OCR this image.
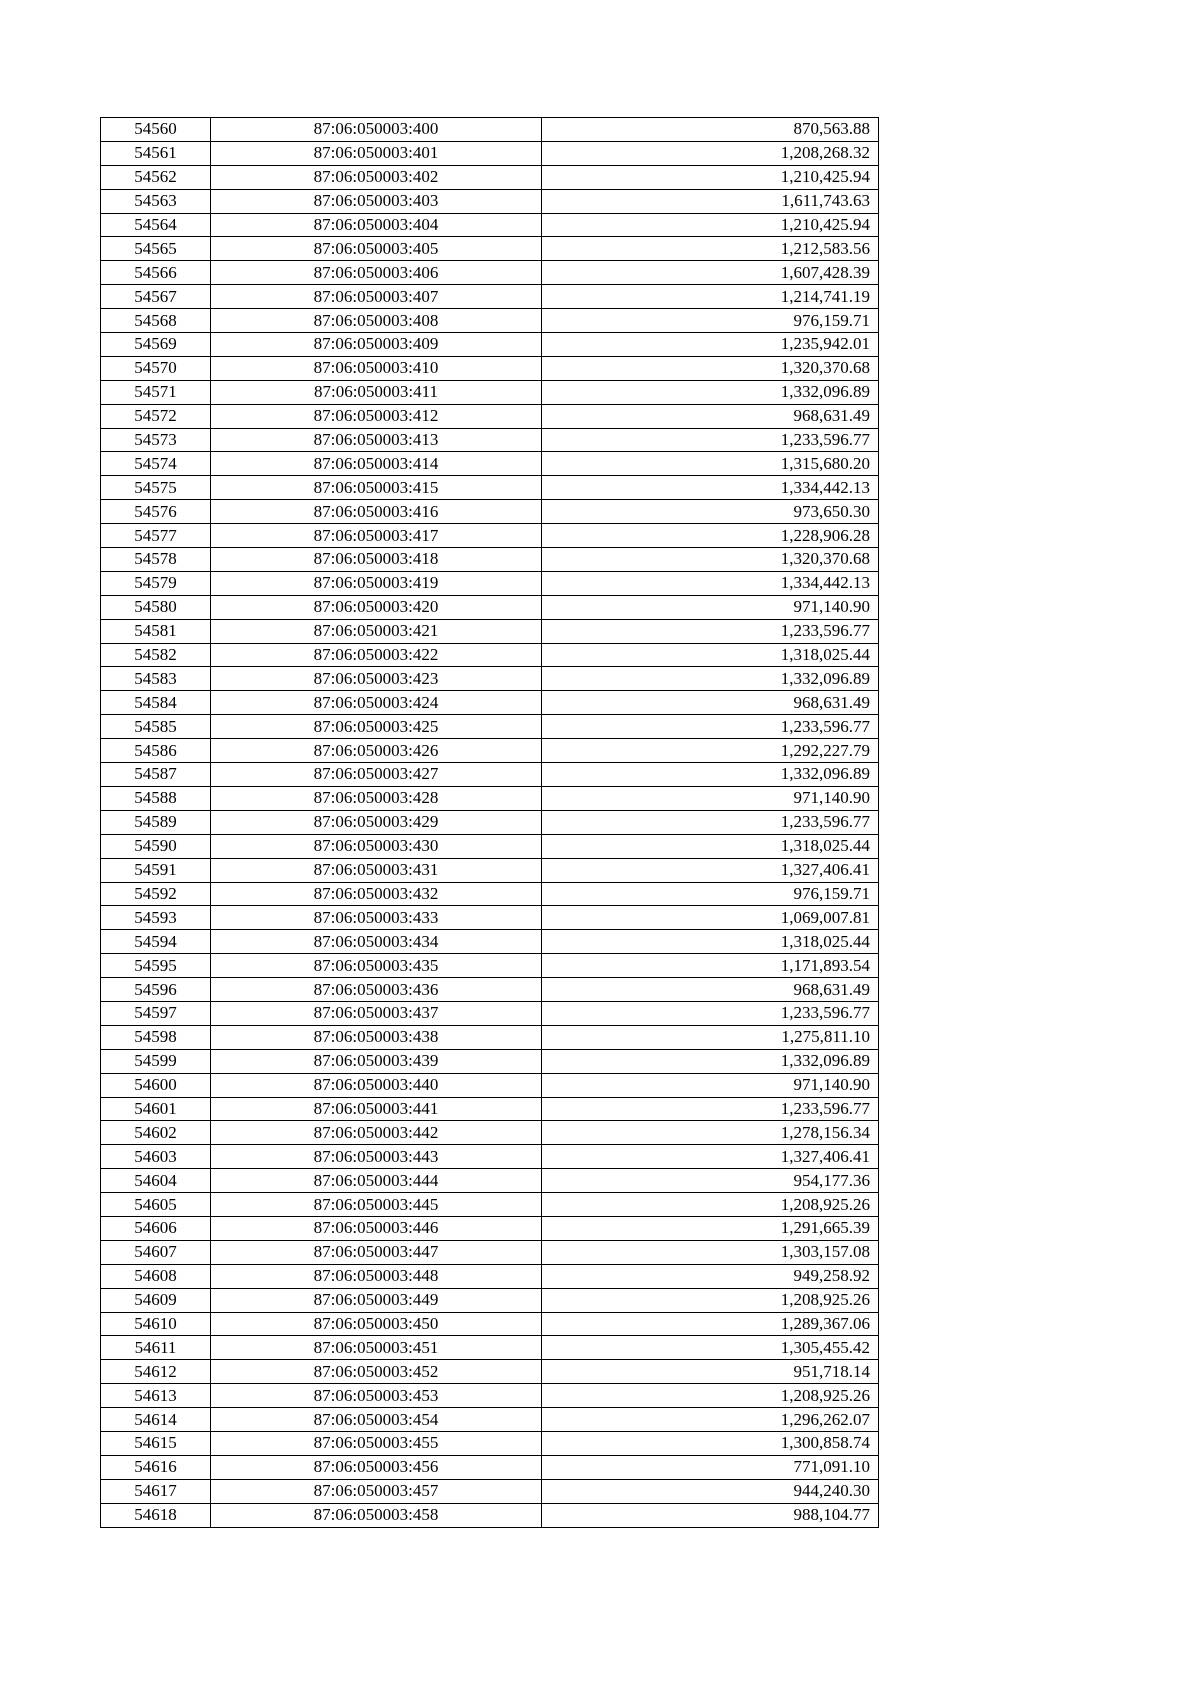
54560	87:06:050003:400	870,563.88
54561	87:06:050003:401	1,208,268.32
54562	87:06:050003:402	1,210,425.94
54563	87:06:050003:403	1,611,743.63
54564	87:06:050003:404	1,210,425.94
54565	87:06:050003:405	1,212,583.56
54566	87:06:050003:406	1,607,428.39
54567	87:06:050003:407	1,214,741.19
54568	87:06:050003:408	976,159.71
54569	87:06:050003:409	1,235,942.01
54570	87:06:050003:410	1,320,370.68
54571	87:06:050003:411	1,332,096.89
54572	87:06:050003:412	968,631.49
54573	87:06:050003:413	1,233,596.77
54574	87:06:050003:414	1,315,680.20
54575	87:06:050003:415	1,334,442.13
54576	87:06:050003:416	973,650.30
54577	87:06:050003:417	1,228,906.28
54578	87:06:050003:418	1,320,370.68
54579	87:06:050003:419	1,334,442.13
54580	87:06:050003:420	971,140.90
54581	87:06:050003:421	1,233,596.77
54582	87:06:050003:422	1,318,025.44
54583	87:06:050003:423	1,332,096.89
54584	87:06:050003:424	968,631.49
54585	87:06:050003:425	1,233,596.77
54586	87:06:050003:426	1,292,227.79
54587	87:06:050003:427	1,332,096.89
54588	87:06:050003:428	971,140.90
54589	87:06:050003:429	1,233,596.77
54590	87:06:050003:430	1,318,025.44
54591	87:06:050003:431	1,327,406.41
54592	87:06:050003:432	976,159.71
54593	87:06:050003:433	1,069,007.81
54594	87:06:050003:434	1,318,025.44
54595	87:06:050003:435	1,171,893.54
54596	87:06:050003:436	968,631.49
54597	87:06:050003:437	1,233,596.77
54598	87:06:050003:438	1,275,811.10
54599	87:06:050003:439	1,332,096.89
54600	87:06:050003:440	971,140.90
54601	87:06:050003:441	1,233,596.77
54602	87:06:050003:442	1,278,156.34
54603	87:06:050003:443	1,327,406.41
54604	87:06:050003:444	954,177.36
54605	87:06:050003:445	1,208,925.26
54606	87:06:050003:446	1,291,665.39
54607	87:06:050003:447	1,303,157.08
54608	87:06:050003:448	949,258.92
54609	87:06:050003:449	1,208,925.26
54610	87:06:050003:450	1,289,367.06
54611	87:06:050003:451	1,305,455.42
54612	87:06:050003:452	951,718.14
54613	87:06:050003:453	1,208,925.26
54614	87:06:050003:454	1,296,262.07
54615	87:06:050003:455	1,300,858.74
54616	87:06:050003:456	771,091.10
54617	87:06:050003:457	944,240.30
54618	87:06:050003:458	988,104.77
